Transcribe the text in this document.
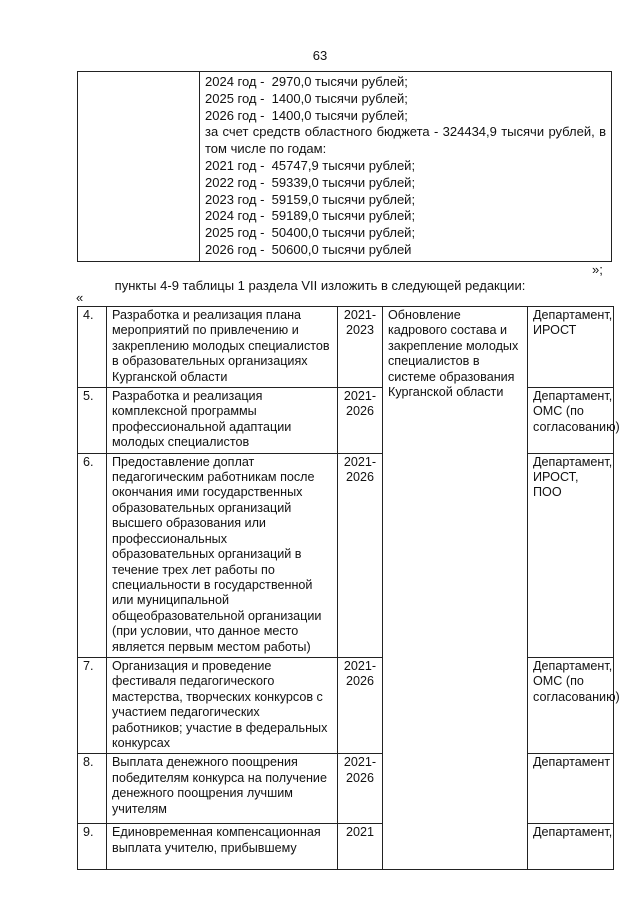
63

2024 год -  2970,0 тысячи рублей;
2025 год -  1400,0 тысячи рублей;
2026 год -  1400,0 тысячи рублей;
за счет средств областного бюджета - 324434,9 тысячи рублей, в том числе по годам:
2021 год -  45747,9 тысячи рублей;
2022 год -  59339,0 тысячи рублей;
2023 год -  59159,0 тысячи рублей;
2024 год -  59189,0 тысячи рублей;
2025 год -  50400,0 тысячи рублей;
2026 год -  50600,0 тысячи рублей
»;
пункты 4-9 таблицы 1 раздела VII изложить в следующей редакции:
«
4.	Разработка и реализация плана мероприятий по привлечению и закреплению молодых специалистов в образовательных организациях Курганской области	2021-2023	Обновление кадрового состава и закрепление молодых специалистов в системе образования Курганской области	Департамент, ИРОСТ
5.	Разработка и реализация комплексной программы профессиональной адаптации молодых специалистов	2021-2026		Департамент, ОМС (по согласованию)
6.	Предоставление доплат педагогическим работникам после окончания ими государственных образовательных организаций высшего образования или профессиональных образовательных организаций в течение трех лет работы по специальности в государственной или муниципальной общеобразовательной организации (при условии, что данное место является первым местом работы)	2021-2026		Департамент, ИРОСТ, ПОО
7.	Организация и проведение фестиваля педагогического мастерства, творческих конкурсов с участием педагогических работников; участие в федеральных конкурсах	2021-2026		Департамент, ОМС (по согласованию)
8.	Выплата денежного поощрения победителям конкурса на получение денежного поощрения лучшим учителям	2021-2026		Департамент
9.	Единовременная компенсационная выплата учителю, прибывшему	2021		Департамент,
